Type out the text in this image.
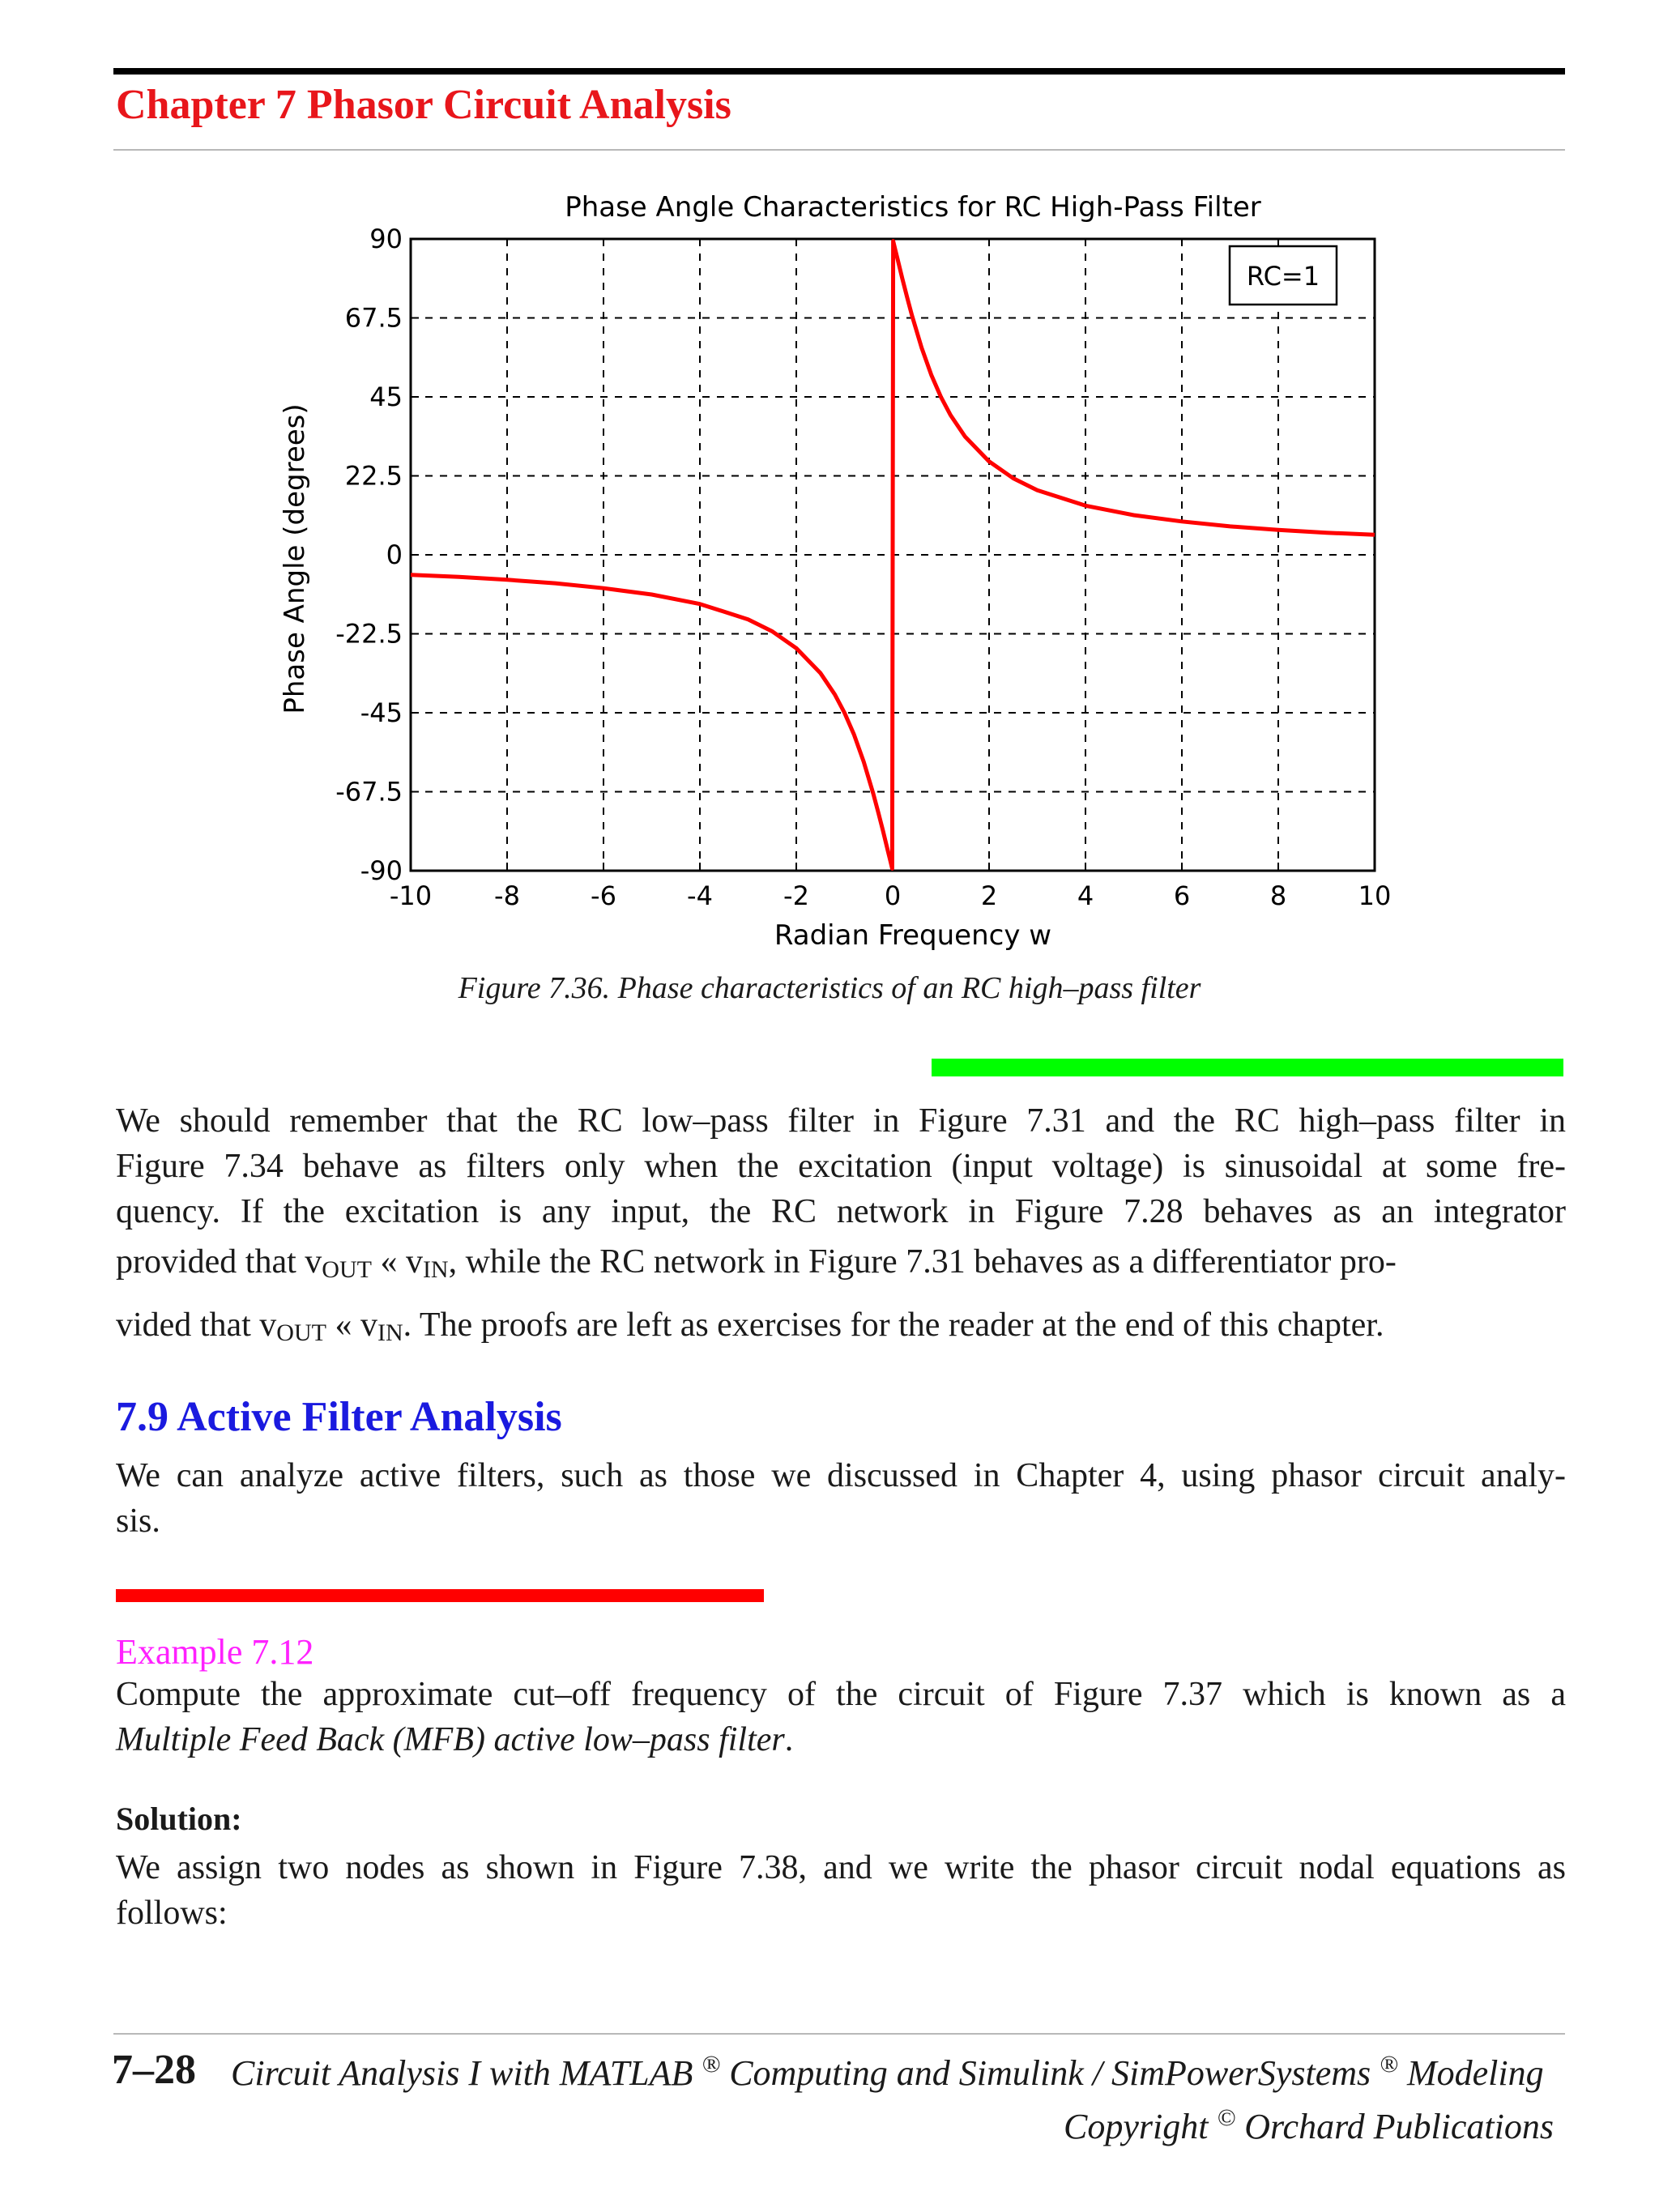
Chapter 7 Phasor Circuit Analysis
Phase Angle Characteristics for RC High-Pass Filter
Radian Frequency w
Phase Angle (degrees)
-10 -8	-6	-4	-2	0	2	4	6	8	10
90
67.5
45
22.5
0
-22.5
-45
-67.5
-90
RC=1
Figure 7.36. Phase characteristics of an RC high–pass filter
We should remember that the RC low–pass filter in Figure 7.31 and the RC high–pass filter in
Figure 7.34 behave as filters only when the excitation (input voltage) is sinusoidal at some fre-
quency. If the excitation is any input, the RC network in Figure 7.28 behaves as an integrator
provided that $v_{OUT}$ « $v_{IN}$, while the RC network in Figure 7.31 behaves as a differentiator pro-
vided that $v_{OUT}$ « $v_{IN}$. The proofs are left as exercises for the reader at the end of this chapter.
7.9 Active Filter Analysis
We can analyze active filters, such as those we discussed in Chapter 4, using phasor circuit analy-
sis.
Example 7.12
Compute the approximate cut–off frequency of the circuit of Figure 7.37 which is known as a
Multiple Feed Back (MFB) active low–pass filter.
Solution:
We assign two nodes as shown in Figure 7.38, and we write the phasor circuit nodal equations as
follows:
7–28 Circuit Analysis I with MATLAB ® Computing and Simulink / SimPowerSystems ® Modeling
Copyright © Orchard Publications
